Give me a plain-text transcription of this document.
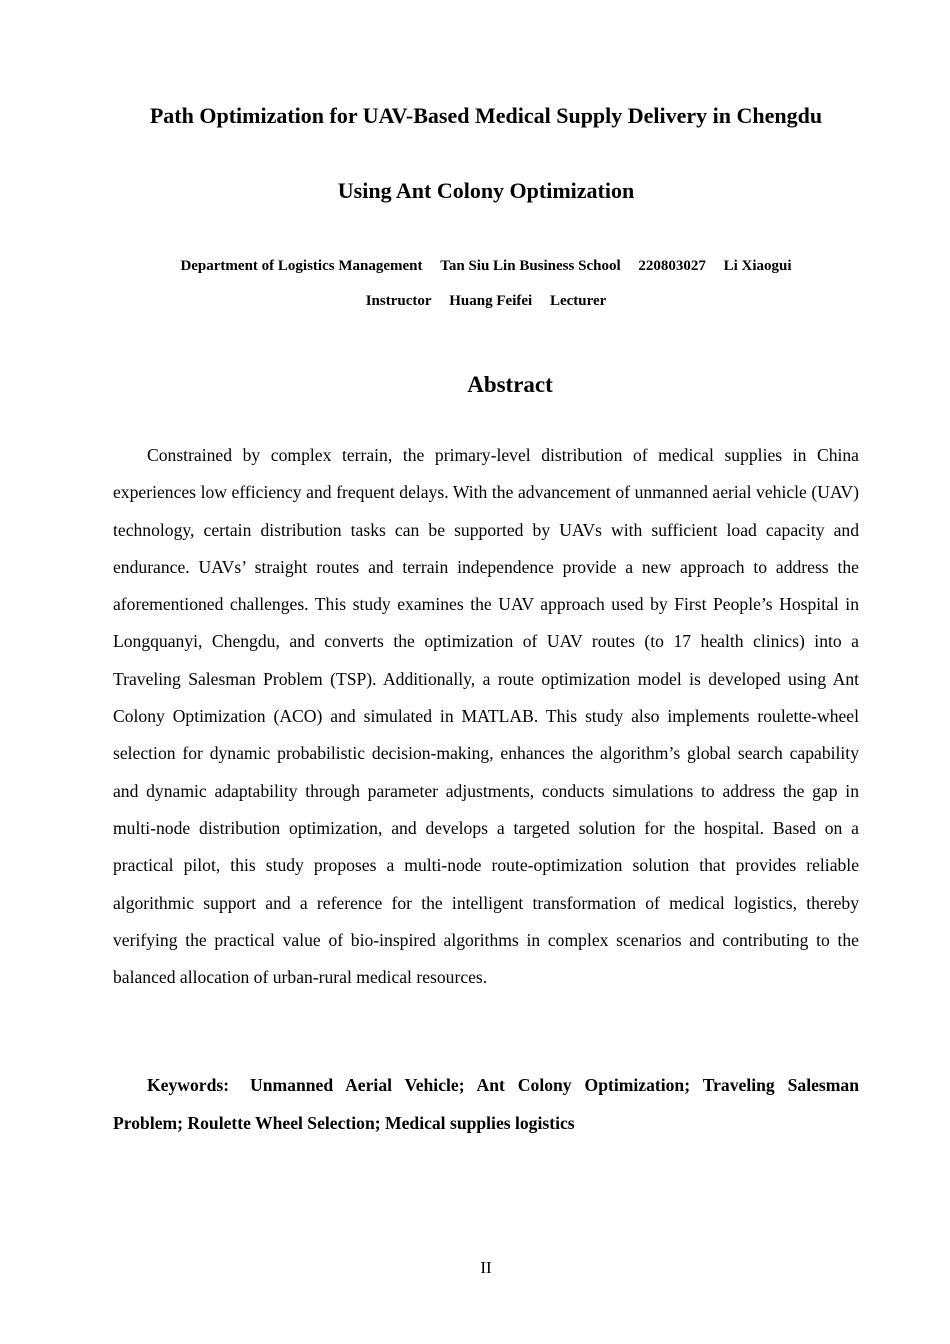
Path Optimization for UAV-Based Medical Supply Delivery in Chengdu
Using Ant Colony Optimization
Department of Logistics Management Tan Siu Lin Business School 220803027 Li Xiaogui
Instructor Huang Feifei Lecturer
Abstract

Constrained by complex terrain, the primary-level distribution of medical supplies in China experiences low efficiency and frequent delays. With the advancement of unmanned aerial vehicle (UAV) technology, certain distribution tasks can be supported by UAVs with sufficient load capacity and endurance. UAVs’ straight routes and terrain independence provide a new approach to address the aforementioned challenges. This study examines the UAV approach used by First People’s Hospital in Longquanyi, Chengdu, and converts the optimization of UAV routes (to 17 health clinics) into a Traveling Salesman Problem (TSP). Additionally, a route optimization model is developed using Ant Colony Optimization (ACO) and simulated in MATLAB. This study also implements roulette-wheel selection for dynamic probabilistic decision-making, enhances the algorithm’s global search capability and dynamic adaptability through parameter adjustments, conducts simulations to address the gap in multi-node distribution optimization, and develops a targeted solution for the hospital. Based on a practical pilot, this study proposes a multi-node route-optimization solution that provides reliable algorithmic support and a reference for the intelligent transformation of medical logistics, thereby verifying the practical value of bio-inspired algorithms in complex scenarios and contributing to the balanced allocation of urban-rural medical resources.

Keywords: Unmanned Aerial Vehicle; Ant Colony Optimization; Traveling Salesman Problem; Roulette Wheel Selection; Medical supplies logistics

II
